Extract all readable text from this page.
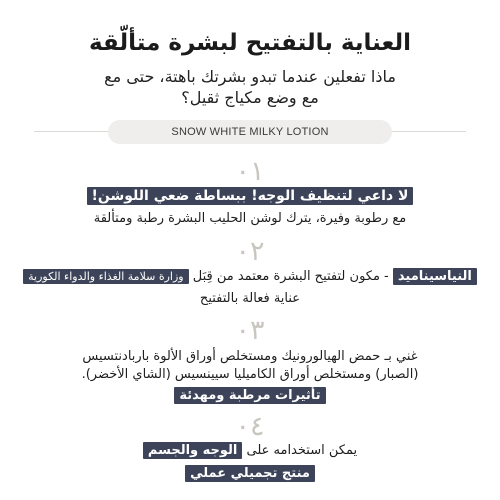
العناية بالتفتيح لبشرة متألّقة
ماذا تفعلين عندما تبدو بشرتك باهتة، حتى مع
مع وضع مكياج ثقيل؟
SNOW WHITE MILKY LOTION
٠١
لا داعي لتنظيف الوجه! ببساطة ضعي اللوشن!
مع رطوبة وفيرة، يترك لوشن الحليب البشرة رطبة ومتألقة
٠٢
النياسيناميد - مكون لتفتيح البشرة معتمد من قِبَل وزارة سلامة الغذاء والدواء الكورية
عناية فعالة بالتفتيح
٠٣
غني بـ حمض الهيالورونيك ومستخلص أوراق الألوة باربادنتسيس
(الصبار) ومستخلص أوراق الكاميليا سيينسيس (الشاي الأخضر).
تأثيرات مرطبة ومهدئة
٠٤
يمكن استخدامه على الوجه والجسم
منتج تجميلي عملي
